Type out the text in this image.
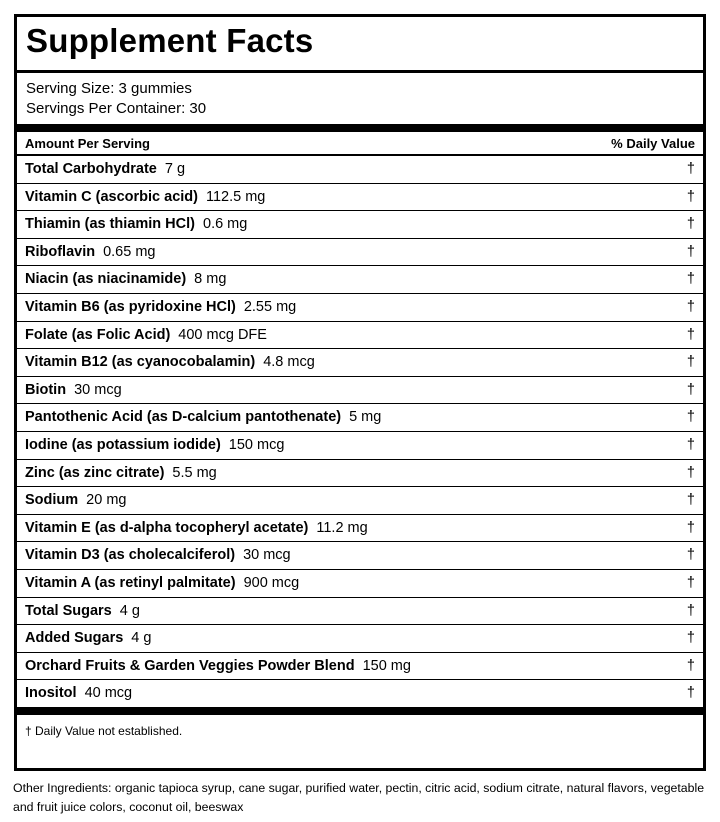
Supplement Facts
Serving Size: 3 gummies
Servings Per Container: 30
Amount Per Serving	% Daily Value
Total Carbohydrate 7 g	†
Vitamin C (ascorbic acid) 112.5 mg	†
Thiamin (as thiamin HCl) 0.6 mg	†
Riboflavin 0.65 mg	†
Niacin (as niacinamide) 8 mg	†
Vitamin B6 (as pyridoxine HCl) 2.55 mg	†
Folate (as Folic Acid) 400 mcg DFE	†
Vitamin B12 (as cyanocobalamin) 4.8 mcg	†
Biotin 30 mcg	†
Pantothenic Acid (as D-calcium pantothenate) 5 mg	†
Iodine (as potassium iodide) 150 mcg	†
Zinc (as zinc citrate) 5.5 mg	†
Sodium 20 mg	†
Vitamin E (as d-alpha tocopheryl acetate) 11.2 mg	†
Vitamin D3 (as cholecalciferol) 30 mcg	†
Vitamin A (as retinyl palmitate) 900 mcg	†
Total Sugars 4 g	†
Added Sugars 4 g	†
Orchard Fruits & Garden Veggies Powder Blend 150 mg	†
Inositol 40 mcg	†
† Daily Value not established.
Other Ingredients: organic tapioca syrup, cane sugar, purified water, pectin, citric acid, sodium citrate, natural flavors, vegetable and fruit juice colors, coconut oil, beeswax
